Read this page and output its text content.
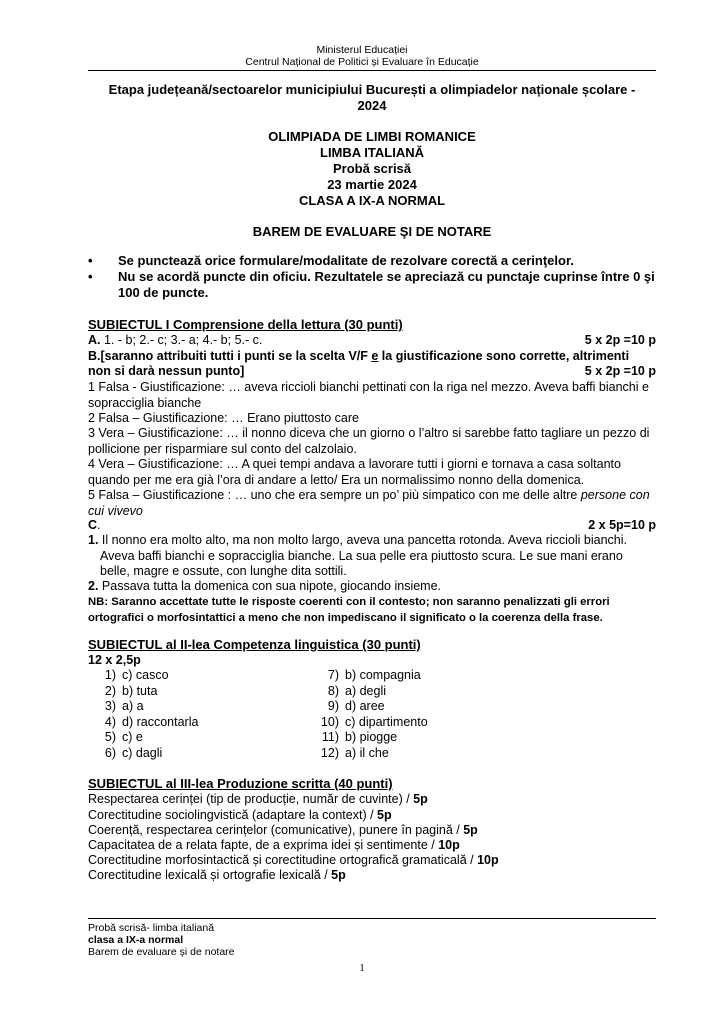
Ministerul Educației
Centrul Național de Politici și Evaluare în Educație
Etapa județeană/sectoarelor municipiului București a olimpiadelor naționale școlare -
2024
OLIMPIADA DE LIMBI ROMANICE
LIMBA ITALIANĂ
Probă scrisă
23 martie 2024
CLASA A IX-A NORMAL
BAREM DE EVALUARE ŞI DE NOTARE
• Se punctează orice formulare/modalitate de rezolvare corectă a cerinţelor.
• Nu se acordă puncte din oficiu. Rezultatele se apreciază cu punctaje cuprinse între 0 şi 100 de puncte.
SUBIECTUL I Comprensione della lettura (30 punti)
A. 1. - b; 2.- c; 3.- a; 4.- b; 5.- c.	5 x 2p =10 p
B.[saranno attribuiti tutti i punti se la scelta V/F e la giustificazione sono corrette, altrimenti
non si darà nessun punto]	5 x 2p =10 p
1 Falsa - Giustificazione: … aveva riccioli bianchi pettinati con la riga nel mezzo. Aveva baffi bianchi e sopracciglia bianche
2 Falsa – Giustificazione: … Erano piuttosto care
3 Vera – Giustificazione: … il nonno diceva che un giorno o l’altro si sarebbe fatto tagliare un pezzo di pollicione per risparmiare sul conto del calzolaio.
4 Vera – Giustificazione: … A quei tempi andava a lavorare tutti i giorni e tornava a casa soltanto quando per me era già l’ora di andare a letto/ Era un normalissimo nonno della domenica.
5 Falsa – Giustificazione : … uno che era sempre un po’ più simpatico con me delle altre persone con cui vivevo
C.	2 x 5p=10 p
1. Il nonno era molto alto, ma non molto largo, aveva una pancetta rotonda. Aveva riccioli bianchi. Aveva baffi bianchi e sopracciglia bianche. La sua pelle era piuttosto scura. Le sue mani erano belle, magre e ossute, con lunghe dita sottili.
2. Passava tutta la domenica con sua nipote, giocando insieme.
NB: Saranno accettate tutte le risposte coerenti con il contesto; non saranno penalizzati gli errori ortografici o morfosintattici a meno che non impediscano il significato o la coerenza della frase.
SUBIECTUL al II-lea Competenza linguistica (30 punti)
12 x 2,5p
1) c) casco
2) b) tuta
3) a) a
4) d) raccontarla
5) c) e
6) c) dagli
7) b) compagnia
8) a) degli
9) d) aree
10) c) dipartimento
11) b) piogge
12) a) il che
SUBIECTUL al III-lea Produzione scritta (40 punti)
Respectarea cerinței (tip de producție, număr de cuvinte) / 5p
Corectitudine sociolingvistică (adaptare la context) / 5p
Coerență, respectarea cerințelor (comunicative), punere în pagină / 5p
Capacitatea de a relata fapte, de a exprima idei și sentimente / 10p
Corectitudine morfosintactică și corectitudine ortografică gramaticală / 10p
Corectitudine lexicală și ortografie lexicală / 5p
Probă scrisă- limba italiană
clasa a IX-a normal
Barem de evaluare și de notare
1
